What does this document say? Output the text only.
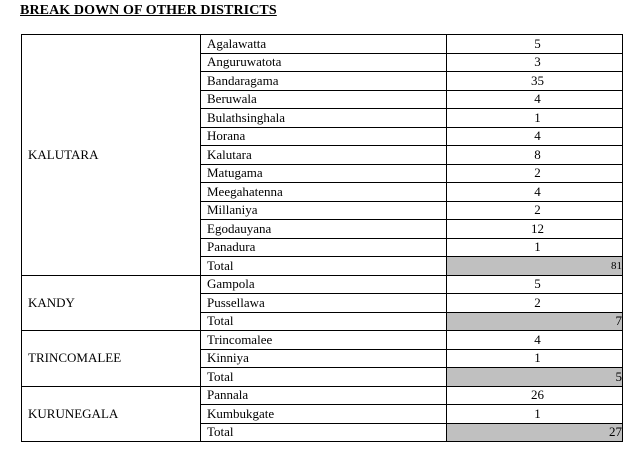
BREAK DOWN OF OTHER DISTRICTS
KALUTARA	Agalawatta	5
	Anguruwatota	3
	Bandaragama	35
	Beruwala	4
	Bulathsinghala	1
	Horana	4
	Kalutara	8
	Matugama	2
	Meegahatenna	4
	Millaniya	2
	Egodauyana	12
	Panadura	1
	Total	81
KANDY	Gampola	5
	Pussellawa	2
	Total	7
TRINCOMALEE	Trincomalee	4
	Kinniya	1
	Total	5
KURUNEGALA	Pannala	26
	Kumbukgate	1
	Total	27
